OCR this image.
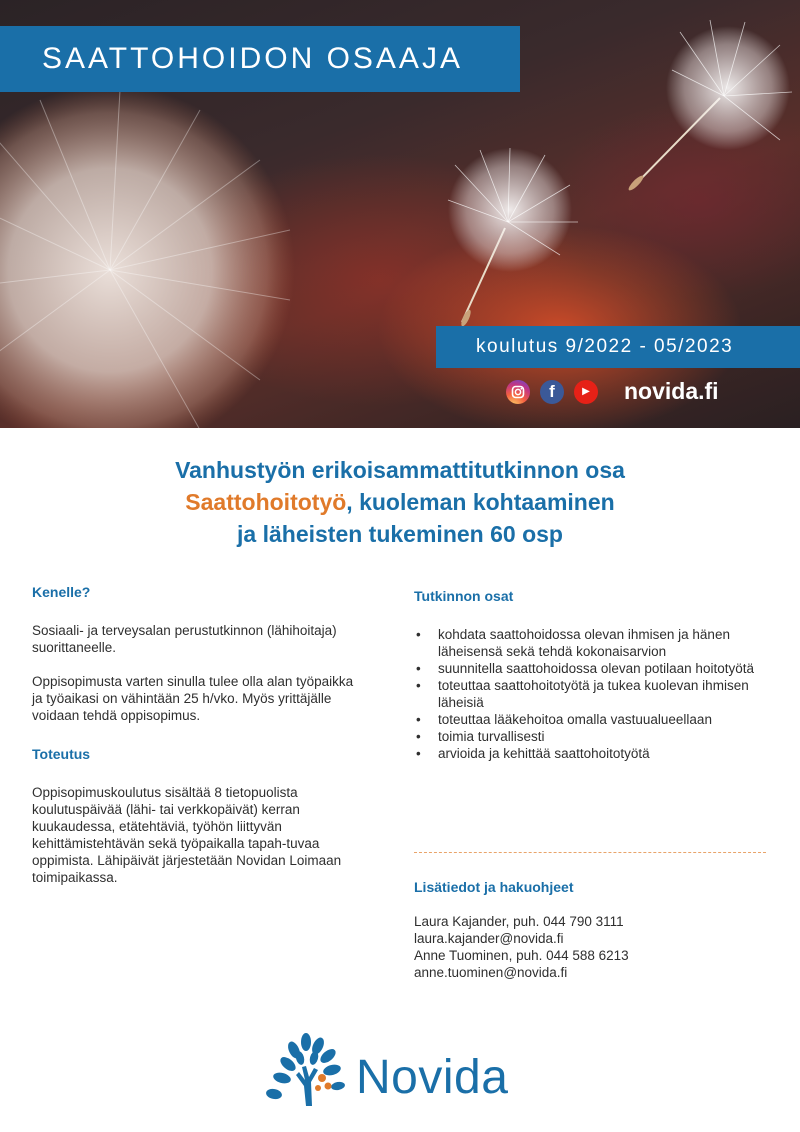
SAATTOHOIDON OSAAJA
koulutus 9/2022 - 05/2023
f	▶	novida.fi
Vanhustyön erikoisammattitutkinnon osa
Saattohoitotyö, kuoleman kohtaaminen
ja läheisten tukeminen 60 osp
Kenelle?

Sosiaali- ja terveysalan perustutkinnon (lähihoitaja) suorittaneelle.

Oppisopimusta varten sinulla tulee olla alan työpaikka ja työaikasi on vähintään 25 h/vko. Myös yrittäjälle voidaan tehdä oppisopimus.

Toteutus

Oppisopimuskoulutus sisältää 8 tietopuolista koulutuspäivää (lähi- tai verkkopäivät) kerran kuukaudessa, etätehtäviä, työhön liittyvän kehittämistehtävän sekä työpaikalla tapah-tuvaa oppimista. Lähipäivät järjestetään Novidan Loimaan toimipaikassa.

Tutkinnon osat
• kohdata saattohoidossa olevan ihmisen ja hänen läheisensä sekä tehdä kokonaisarvion
• suunnitella saattohoidossa olevan potilaan hoitotyötä
• toteuttaa saattohoitotyötä ja tukea kuolevan ihmisen läheisiä
• toteuttaa lääkehoitoa omalla vastuualueellaan
• toimia turvallisesti
• arvioida ja kehittää saattohoitotyötä
Lisätiedot ja hakuohjeet
Laura Kajander, puh. 044 790 3111
laura.kajander@novida.fi
Anne Tuominen, puh. 044 588 6213
anne.tuominen@novida.fi
Novida
